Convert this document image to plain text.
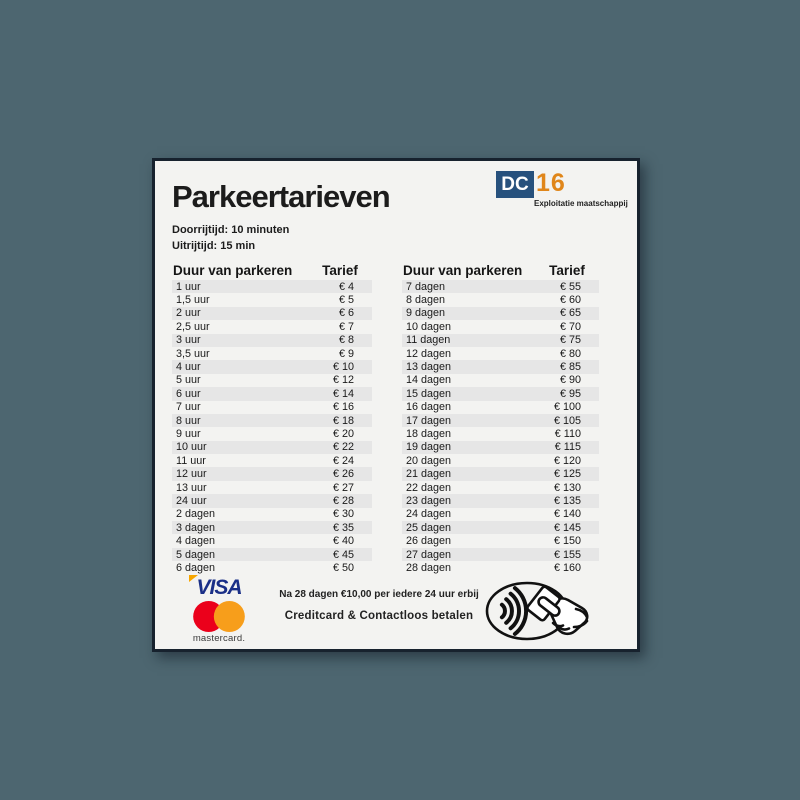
Parkeertarieven	DC 16
Exploitatie maatschappij
Doorrijtijd: 10 minuten
Uitrijtijd: 15 min
Duur van parkeren	Tarief
1 uur	€ 4
1,5 uur	€ 5
2 uur	€ 6
2,5 uur	€ 7
3 uur	€ 8
3,5 uur	€ 9
4 uur	€ 10
5 uur	€ 12
6 uur	€ 14
7 uur	€ 16
8 uur	€ 18
9 uur	€ 20
10 uur	€ 22
11 uur	€ 24
12 uur	€ 26
13 uur	€ 27
24 uur	€ 28
2 dagen	€ 30
3 dagen	€ 35
4 dagen	€ 40
5 dagen	€ 45
6 dagen	€ 50
Duur van parkeren	Tarief
7 dagen	€ 55
8 dagen	€ 60
9 dagen	€ 65
10 dagen	€ 70
11 dagen	€ 75
12 dagen	€ 80
13 dagen	€ 85
14 dagen	€ 90
15 dagen	€ 95
16 dagen	€ 100
17 dagen	€ 105
18 dagen	€ 110
19 dagen	€ 115
20 dagen	€ 120
21 dagen	€ 125
22 dagen	€ 130
23 dagen	€ 135
24 dagen	€ 140
25 dagen	€ 145
26 dagen	€ 150
27 dagen	€ 155
28 dagen	€ 160
VISA
mastercard.
Na 28 dagen €10,00 per iedere 24 uur erbij
Creditcard & Contactloos betalen
